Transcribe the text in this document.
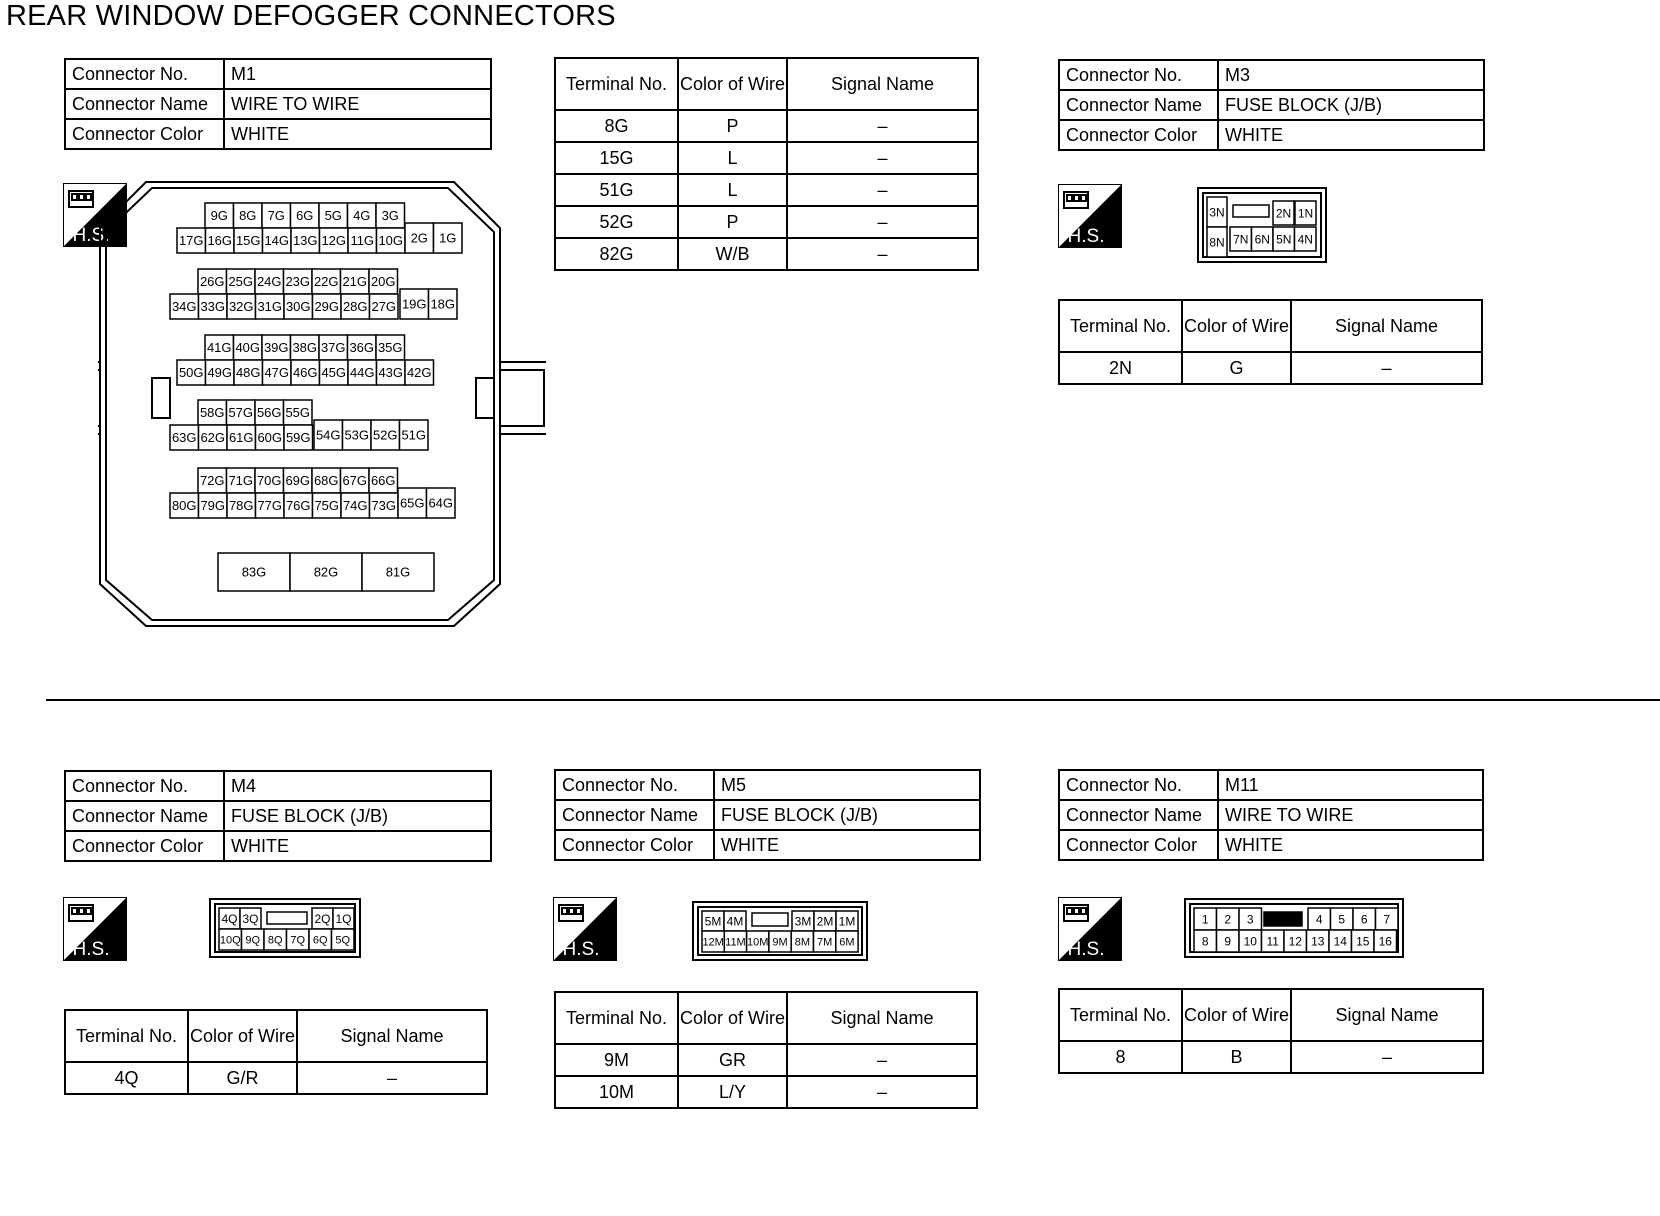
REAR WINDOW DEFOGGER CONNECTORS
Connector No.	M1
Connector Name	WIRE TO WIRE
Connector Color	WHITE
H.S.
9G 8G 7G 6G 5G 4G 3G
17G 16G 15G 14G 13G 12G 11G 10G 2G 1G
26G 25G 24G 23G 22G 21G 20G
34G 33G 32G 31G 30G 29G 28G 27G 19G 18G
41G 40G 39G 38G 37G 36G 35G
50G 49G 48G 47G 46G 45G 44G 43G 42G
58G 57G 56G 55G
63G 62G 61G 60G 59G 54G 53G 52G 51G
72G 71G 70G 69G 68G 67G 66G
80G 79G 78G 77G 76G 75G 74G 73G 65G 64G
83G	82G	81G
Terminal No.	Color of Wire	Signal Name
8G	P	–
15G	L	–
51G	L	–
52G	P	–
82G	W/B	–
Connector No.	M3
Connector Name	FUSE BLOCK (J/B)
Connector Color	WHITE
H.S.
3N	2N 1N
8N 7N 6N 5N 4N
Terminal No.	Color of Wire	Signal Name
2N	G	–
Connector No.	M4
Connector Name	FUSE BLOCK (J/B)
Connector Color	WHITE
H.S.
4Q 3Q	2Q 1Q
10Q 9Q 8Q 7Q 6Q 5Q
Terminal No.	Color of Wire	Signal Name
4Q	G/R	–
Connector No.	M5
Connector Name	FUSE BLOCK (J/B)
Connector Color	WHITE
H.S.
5M 4M	3M 2M 1M
12M 11M 10M 9M 8M 7M 6M
Terminal No.	Color of Wire	Signal Name
9M	GR	–
10M	L/Y	–
Connector No.	M11
Connector Name	WIRE TO WIRE
Connector Color	WHITE
H.S.
1 2 3	4 5 6 7
8 9 10 11 12 13 14 15 16
Terminal No.	Color of Wire	Signal Name
8	B	–
